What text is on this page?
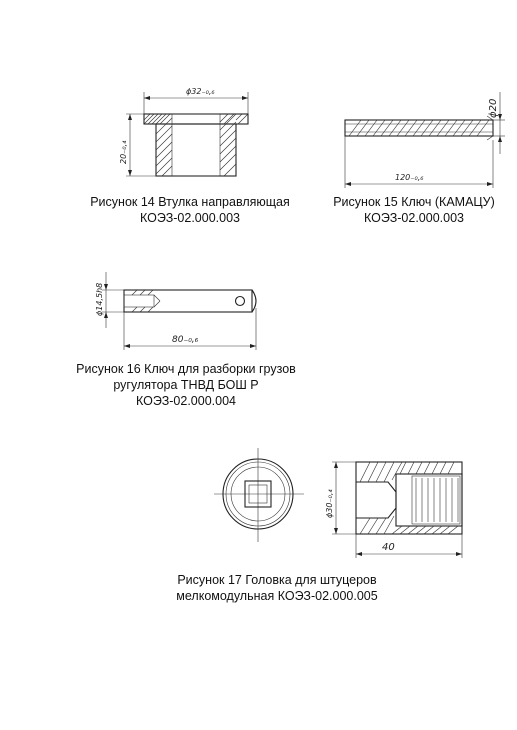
ϕ32₋₀,₆
20₋₀,₄
Рисунок 14 Втулка направляющая
КОЭЗ-02.000.003
ϕ20
120₋₀,₆
Рисунок 15 Ключ (КАМАЦУ)
КОЭЗ-02.000.003
ϕ14,5h8
80₋₀,₆
Рисунок 16 Ключ для разборки грузов
ругулятора ТНВД БОШ Р
КОЭЗ-02.000.004
ϕ30₋₀,₄
40
Рисунок 17 Головка для штуцеров
мелкомодульная КОЭЗ-02.000.005
